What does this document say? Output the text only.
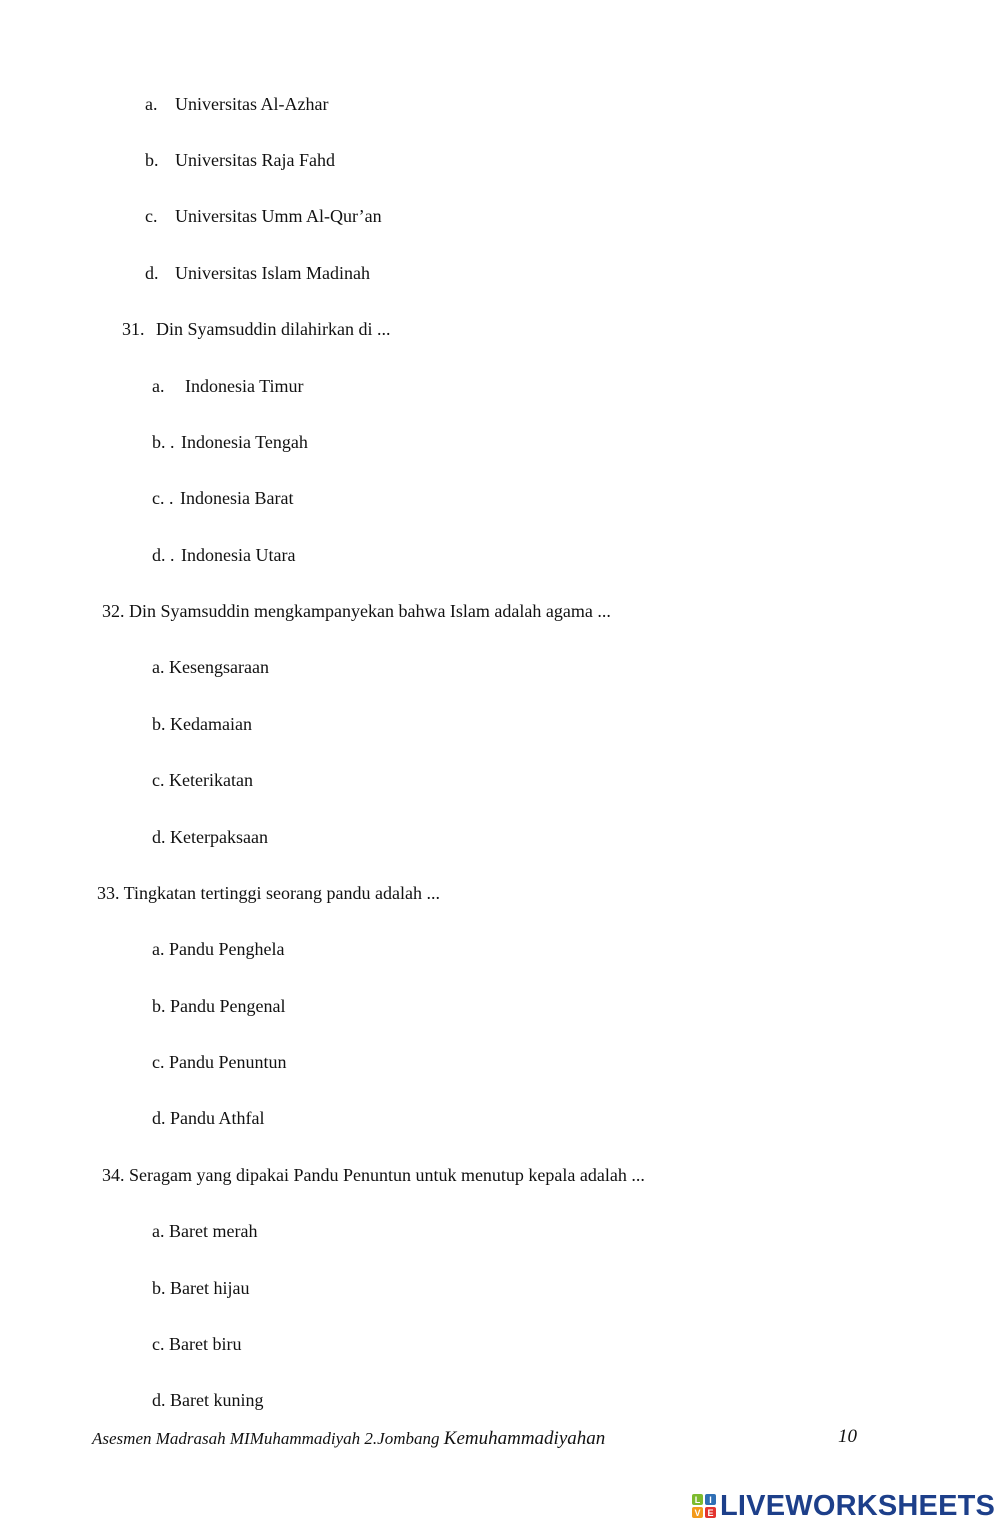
a. Universitas Al-Azhar
b. Universitas Raja Fahd
c. Universitas Umm Al-Qur’an
d. Universitas Islam Madinah
31. Din Syamsuddin dilahirkan di ...
a. Indonesia Timur
b. . Indonesia Tengah
c. . Indonesia Barat
d. . Indonesia Utara
32. Din Syamsuddin mengkampanyekan bahwa Islam adalah agama ...
a. Kesengsaraan
b. Kedamaian
c. Keterikatan
d. Keterpaksaan
33. Tingkatan tertinggi seorang pandu adalah ...
a. Pandu Penghela
b. Pandu Pengenal
c. Pandu Penuntun
d. Pandu Athfal
34. Seragam yang dipakai Pandu Penuntun untuk menutup kepala adalah ...
a. Baret merah
b. Baret hijau
c. Baret biru
d. Baret kuning
Asesmen Madrasah MIMuhammadiyah 2.Jombang Kemuhammadiyahan	10
L I
V E LIVEWORKSHEETS
